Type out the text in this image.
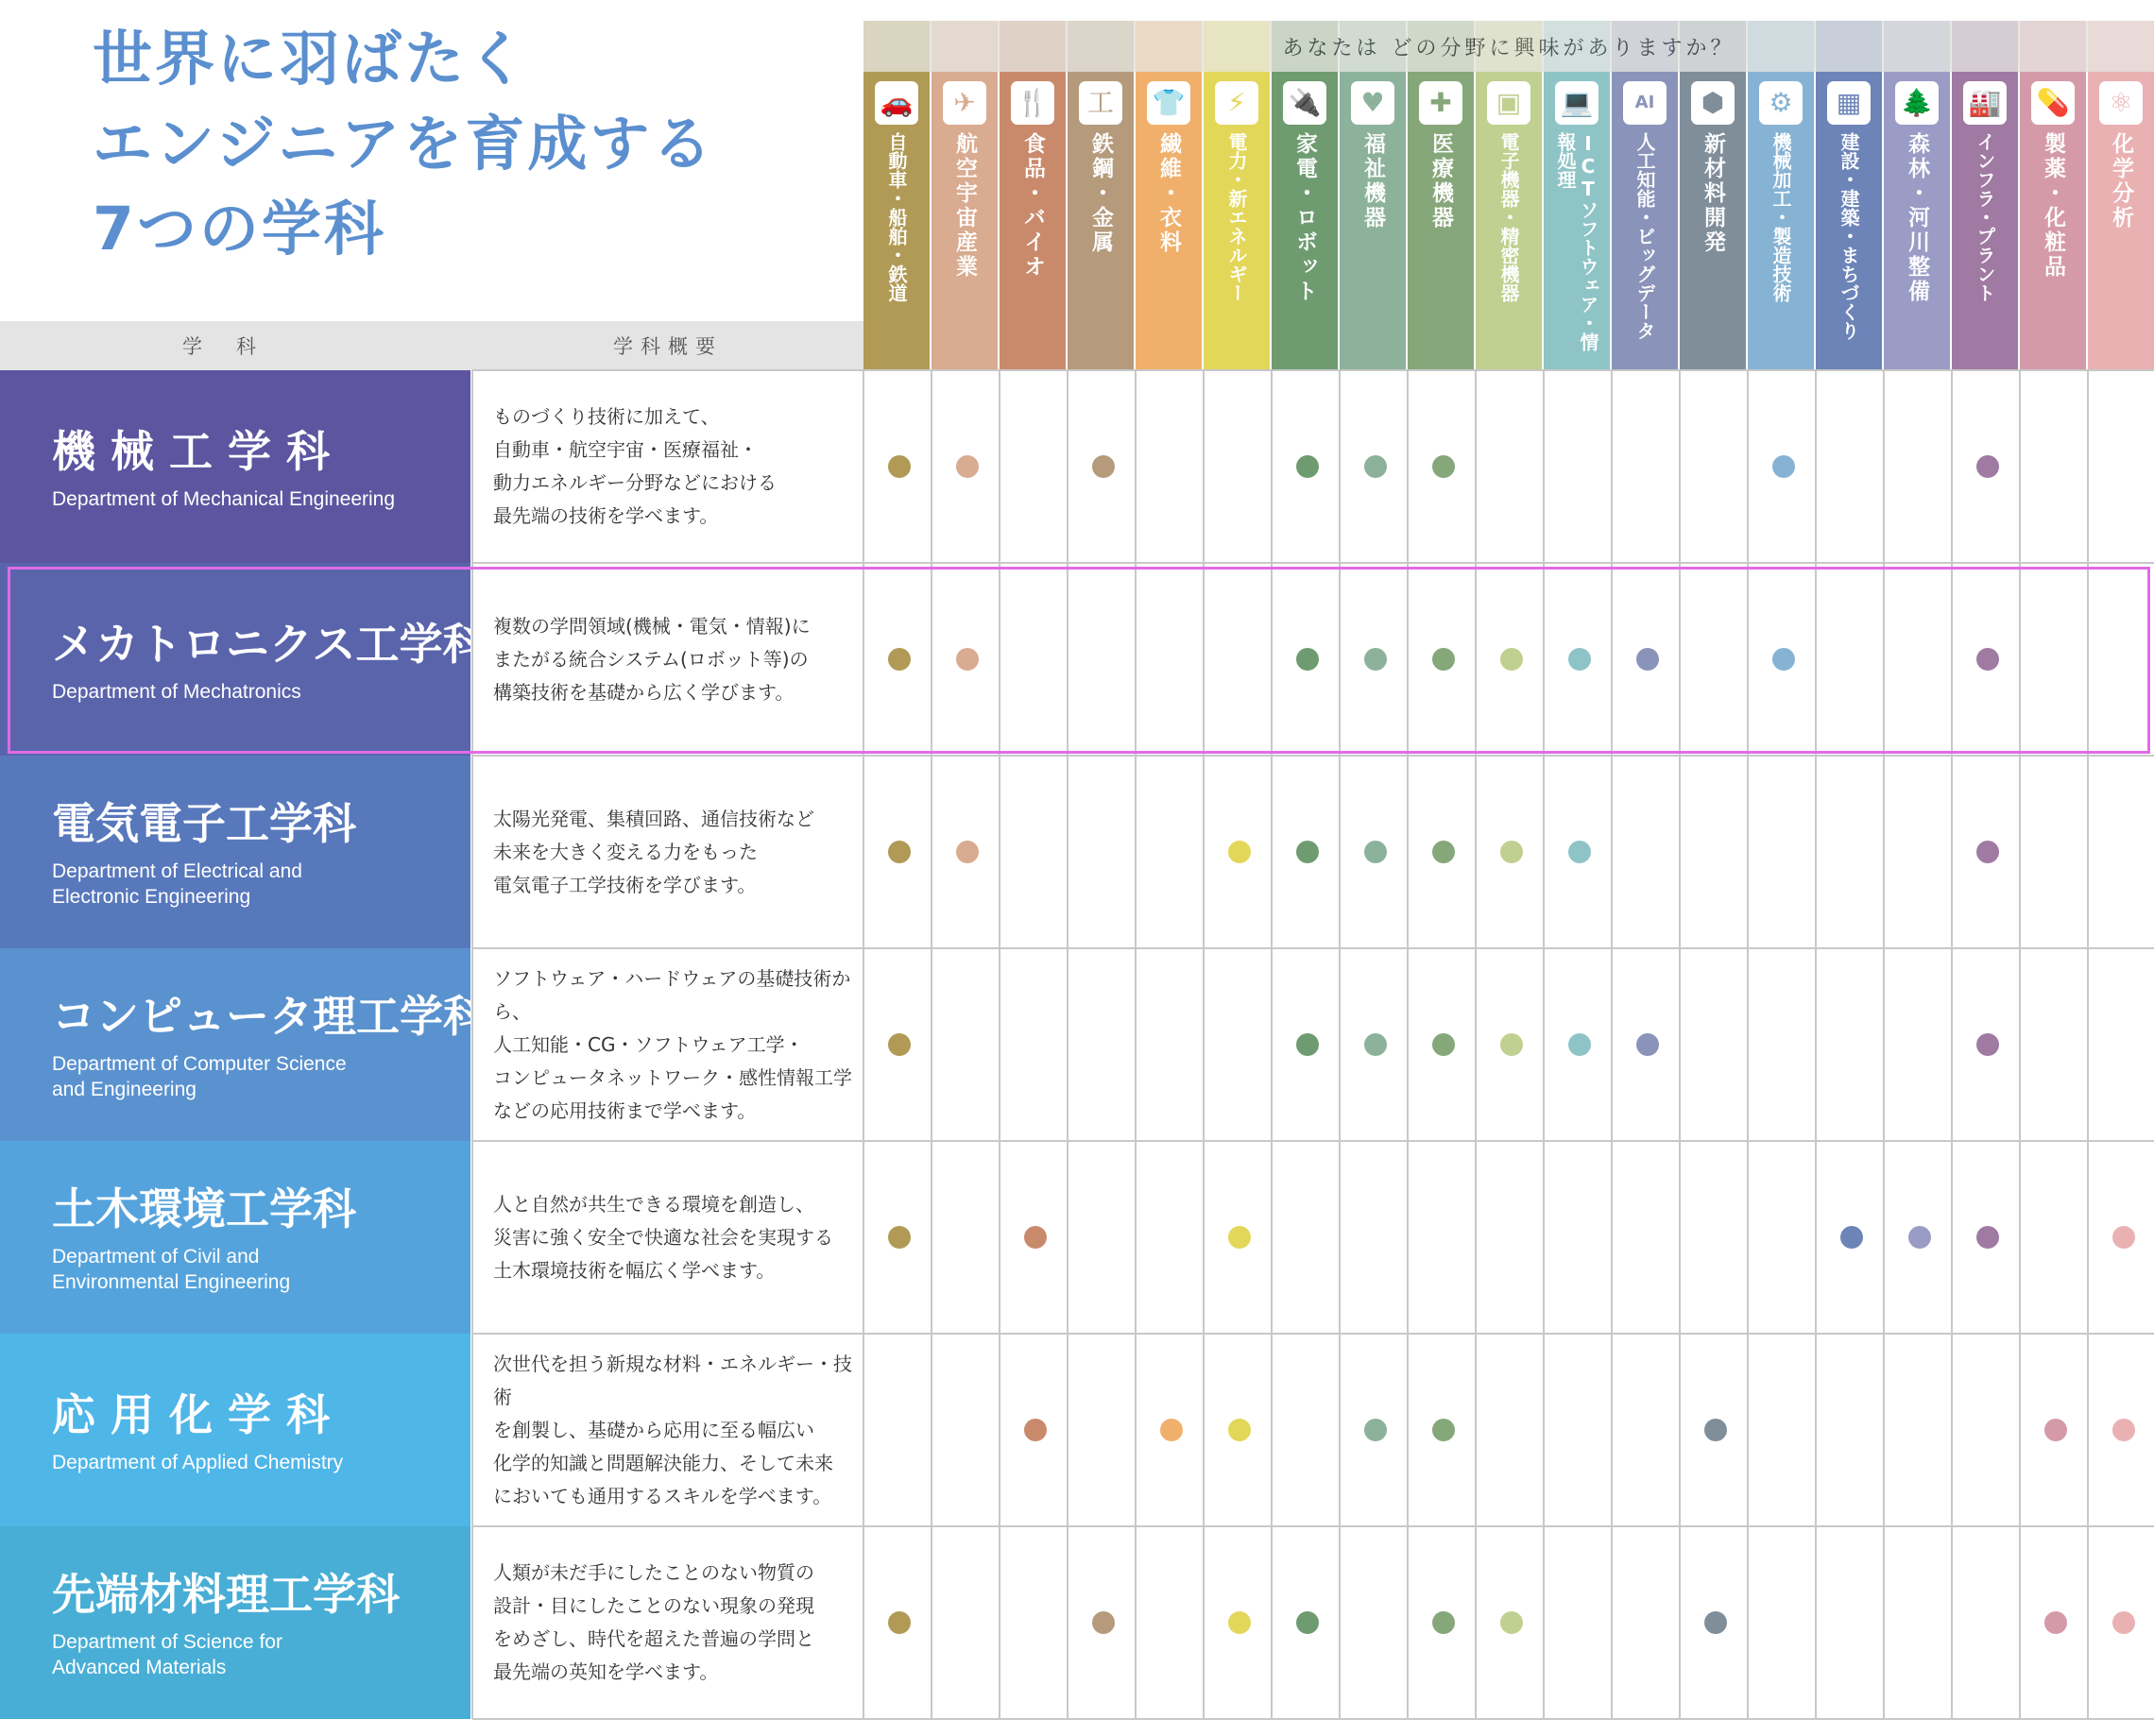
世界に羽ばたく
エンジニアを育成する
7つの学科
学科	学科概要
あなたは どの分野に興味がありますか？
🚗
自動車・船舶・鉄道
✈
航空宇宙産業
🍴
食品・バイオ
工
鉄鋼・金属
👕
繊維・衣料
⚡
電力・新エネルギー
🔌
家電・ロボット
♥
福祉機器
✚
医療機器
▣
電子機器・精密機器
💻
ICTソフトウェア・情報処理
AI
人工知能・ビッグデータ
⬢
新材料開発
⚙
機械加工・製造技術
▦
建設・建築・まちづくり
🌲
森林・河川整備
🏭
インフラ・プラント
💊
製薬・化粧品
⚛
化学分析
機 械 工 学 科
Department of Mechanical Engineering
ものづくり技術に加えて、
自動車・航空宇宙・医療福祉・
動力エネルギー分野などにおける
最先端の技術を学べます。
メカトロニクス工学科
Department of Mechatronics
複数の学問領域(機械・電気・情報)に
またがる統合システム(ロボット等)の
構築技術を基礎から広く学びます。
電気電子工学科
Department of Electrical and
Electronic Engineering
太陽光発電、集積回路、通信技術など
未来を大きく変える力をもった
電気電子工学技術を学びます。
コンピュータ理工学科
Department of Computer Science
and Engineering
ソフトウェア・ハードウェアの基礎技術から、
人工知能・CG・ソフトウェア工学・
コンピュータネットワーク・感性情報工学
などの応用技術まで学べます。
土木環境工学科
Department of Civil and
Environmental Engineering
人と自然が共生できる環境を創造し、
災害に強く安全で快適な社会を実現する
土木環境技術を幅広く学べます。
応 用 化 学 科
Department of Applied Chemistry
次世代を担う新規な材料・エネルギー・技術
を創製し、基礎から応用に至る幅広い
化学的知識と問題解決能力、そして未来
においても通用するスキルを学べます。
先端材料理工学科
Department of Science for
Advanced Materials
人類が未だ手にしたことのない物質の
設計・目にしたことのない現象の発現
をめざし、時代を超えた普遍の学問と
最先端の英知を学べます。
